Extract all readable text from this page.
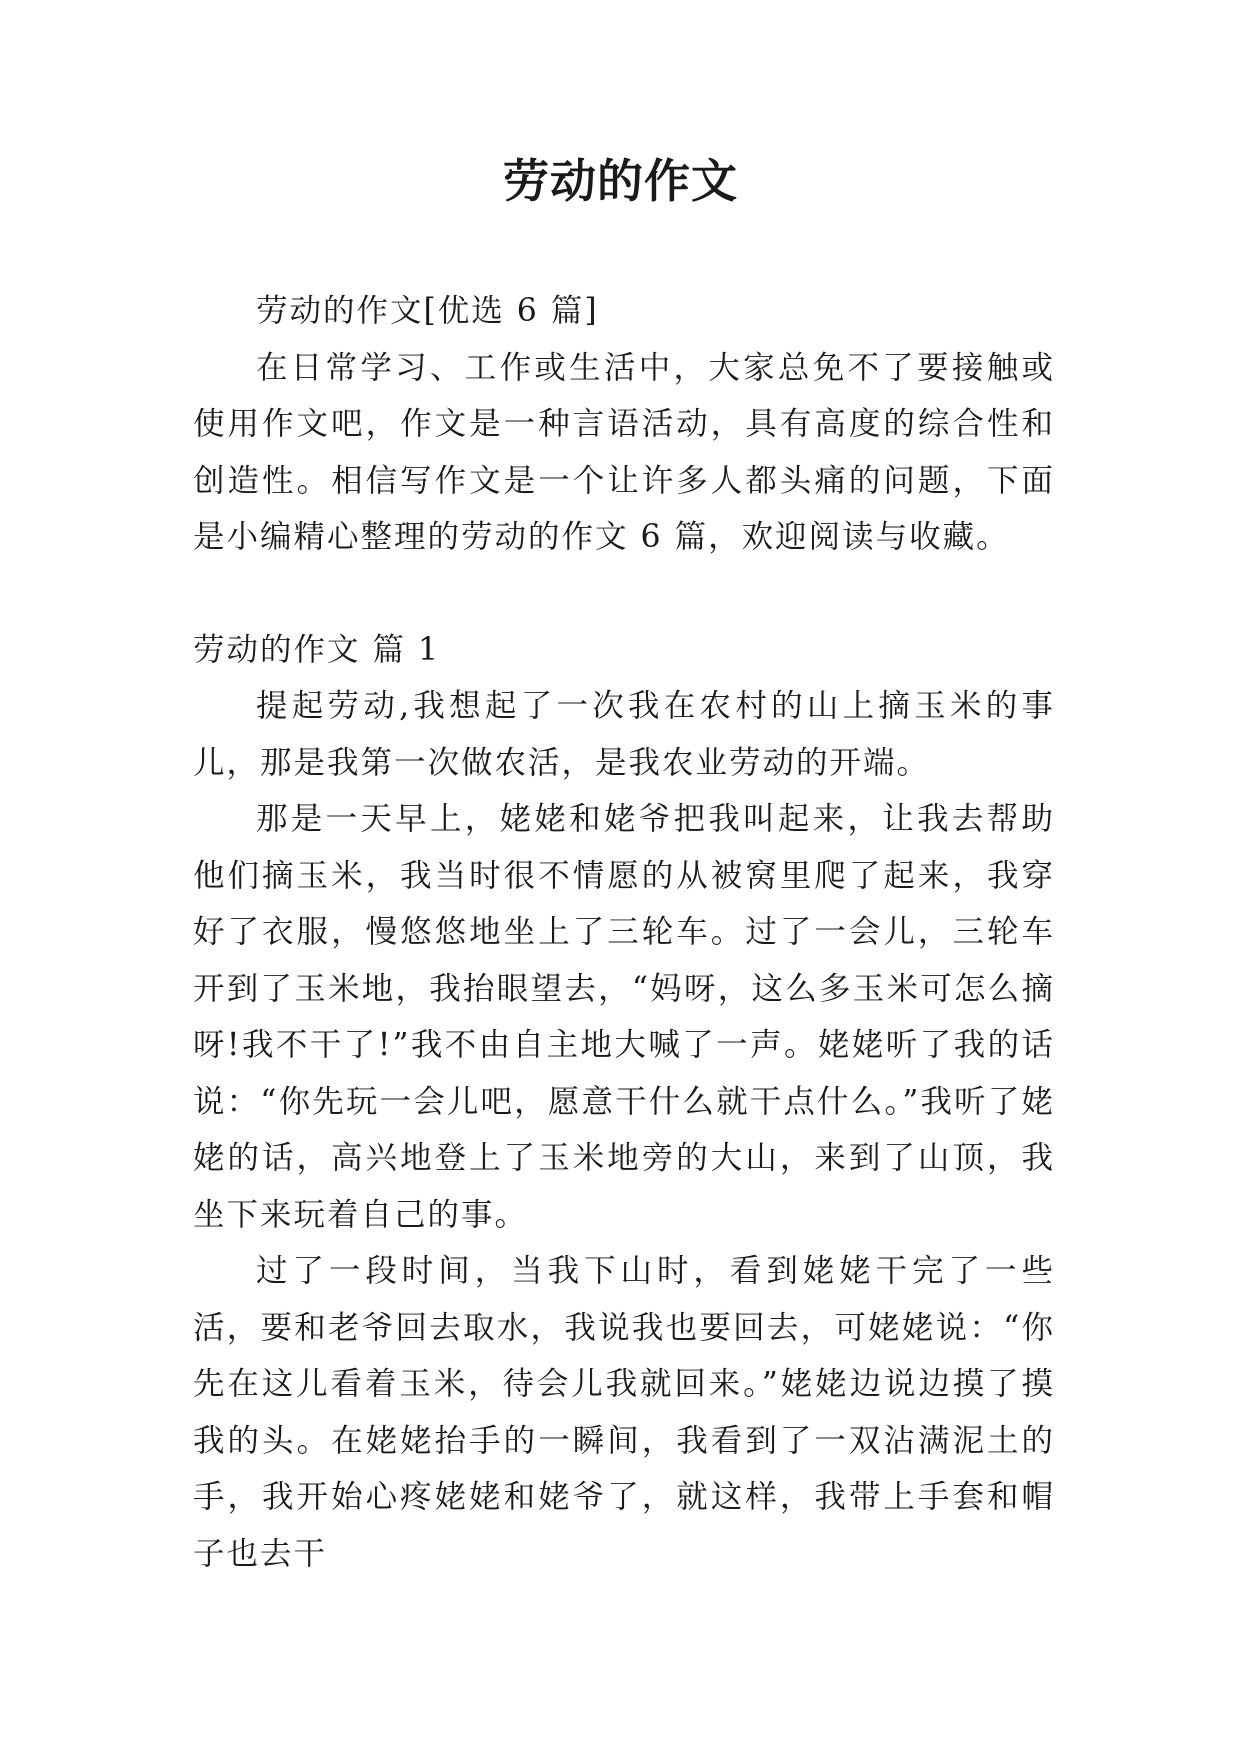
劳动的作文

劳动的作文[优选 6 篇]

在日常学习、工作或生活中，大家总免不了要接触或使用作文吧，作文是一种言语活动，具有高度的综合性和创造性。相信写作文是一个让许多人都头痛的问题，下面是小编精心整理的劳动的作文 6 篇，欢迎阅读与收藏。

劳动的作文 篇 1

提起劳动,我想起了一次我在农村的山上摘玉米的事儿，那是我第一次做农活，是我农业劳动的开端。

那是一天早上，姥姥和姥爷把我叫起来，让我去帮助他们摘玉米，我当时很不情愿的从被窝里爬了起来，我穿好了衣服，慢悠悠地坐上了三轮车。过了一会儿，三轮车开到了玉米地，我抬眼望去，“妈呀，这么多玉米可怎么摘呀!我不干了!”我不由自主地大喊了一声。姥姥听了我的话说：“你先玩一会儿吧，愿意干什么就干点什么。”我听了姥姥的话，高兴地登上了玉米地旁的大山，来到了山顶，我坐下来玩着自己的事。

过了一段时间，当我下山时，看到姥姥干完了一些活，要和老爷回去取水，我说我也要回去，可姥姥说：“你先在这儿看着玉米，待会儿我就回来。”姥姥边说边摸了摸我的头。在姥姥抬手的一瞬间，我看到了一双沾满泥土的手，我开始心疼姥姥和姥爷了，就这样，我带上手套和帽子也去干
